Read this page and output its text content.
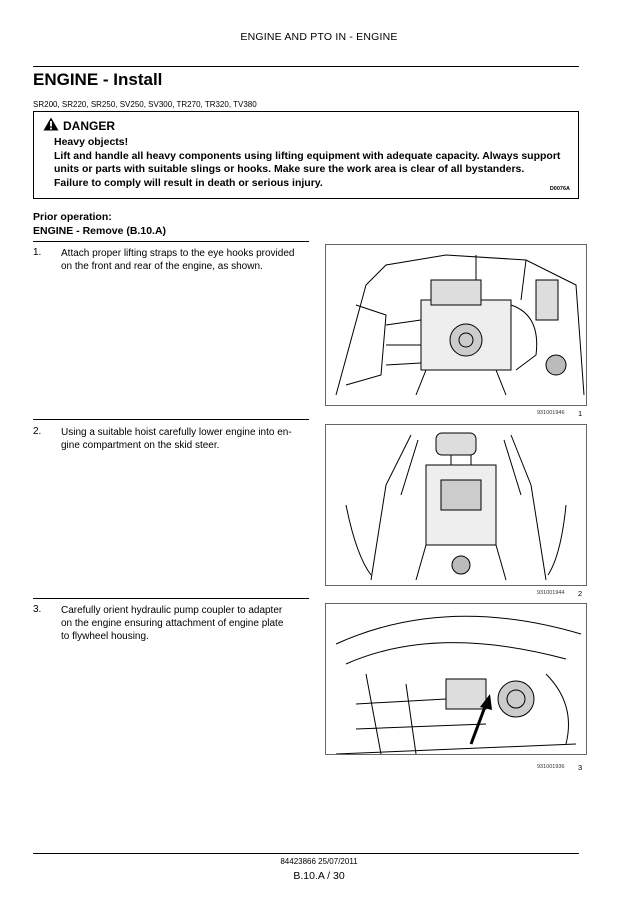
ENGINE AND PTO IN - ENGINE
ENGINE - Install
SR200, SR220, SR250, SV250, SV300, TR270, TR320, TV380
DANGER
Heavy objects!
Lift and handle all heavy components using lifting equipment with adequate capacity. Always support
units or parts with suitable slings or hooks. Make sure the work area is clear of all bystanders.
Failure to comply will result in death or serious injury.
D0076A
Prior operation:
ENGINE - Remove (B.10.A)
1. Attach proper lifting straps to the eye hooks provided
on the front and rear of the engine, as shown.
931001946 1
2. Using a suitable hoist carefully lower engine into en-
gine compartment on the skid steer.
931001944 2
3. Carefully orient hydraulic pump coupler to adapter
on the engine ensuring attachment of engine plate
to flywheel housing.
931001936 3
84423866 25/07/2011
B.10.A / 30
